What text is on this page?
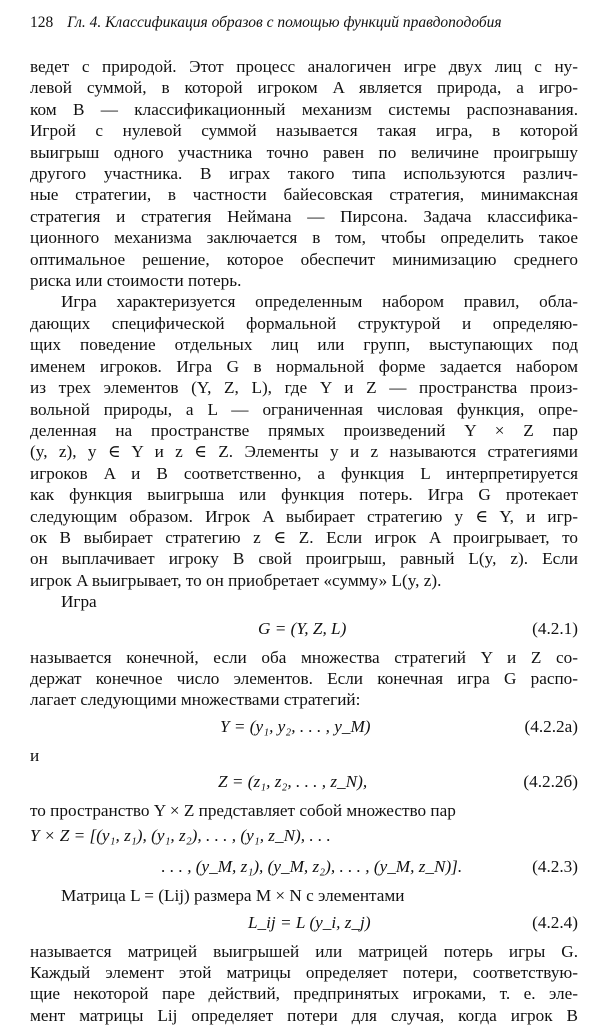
128 Гл. 4. Классификация образов с помощью функций правдоподобия
ведет с природой. Этот процесс аналогичен игре двух лиц с ну-
левой суммой, в которой игроком A является природа, а игро-
ком B — классификационный механизм системы распознавания.
Игрой с нулевой суммой называется такая игра, в которой
выигрыш одного участника точно равен по величине проигрышу
другого участника. В играх такого типа используются различ-
ные стратегии, в частности байесовская стратегия, минимаксная
стратегия и стратегия Неймана — Пирсона. Задача классифика-
ционного механизма заключается в том, чтобы определить такое
оптимальное решение, которое обеспечит минимизацию среднего
риска или стоимости потерь.
Игра характеризуется определенным набором правил, обла-
дающих специфической формальной структурой и определяю-
щих поведение отдельных лиц или групп, выступающих под
именем игроков. Игра G в нормальной форме задается набором
из трех элементов (Y, Z, L), где Y и Z — пространства произ-
вольной природы, а L — ограниченная числовая функция, опре-
деленная на пространстве прямых произведений Y × Z пар
(y, z), y ∈ Y и z ∈ Z. Элементы y и z называются стратегиями
игроков A и B соответственно, а функция L интерпретируется
как функция выигрыша или функция потерь. Игра G протекает
следующим образом. Игрок A выбирает стратегию y ∈ Y, и игр-
ок B выбирает стратегию z ∈ Z. Если игрок A проигрывает, то
он выплачивает игроку B свой проигрыш, равный L(y, z). Если
игрок A выигрывает, то он приобретает «сумму» L(y, z).
Игра
G = (Y, Z, L)	(4.2.1)
называется конечной, если оба множества стратегий Y и Z со-
держат конечное число элементов. Если конечная игра G распо-
лагает следующими множествами стратегий:
Y = (y₁, y₂, . . . , y_M)	(4.2.2а)
и
Z = (z₁, z₂, . . . , z_N),	(4.2.2б)
то пространство Y × Z представляет собой множество пар
Y × Z = [(y₁, z₁), (y₁, z₂), . . . , (y₁, z_N), . . .
. . . , (y_M, z₁), (y_M, z₂), . . . , (y_M, z_N)].	(4.2.3)
Матрица L = (Lij) размера M × N с элементами
L_ij = L (y_i, z_j)	(4.2.4)
называется матрицей выигрышей или матрицей потерь игры G.
Каждый элемент этой матрицы определяет потери, соответствую-
щие некоторой паре действий, предпринятых игроками, т. е. эле-
мент матрицы Lij определяет потери для случая, когда игрок B
